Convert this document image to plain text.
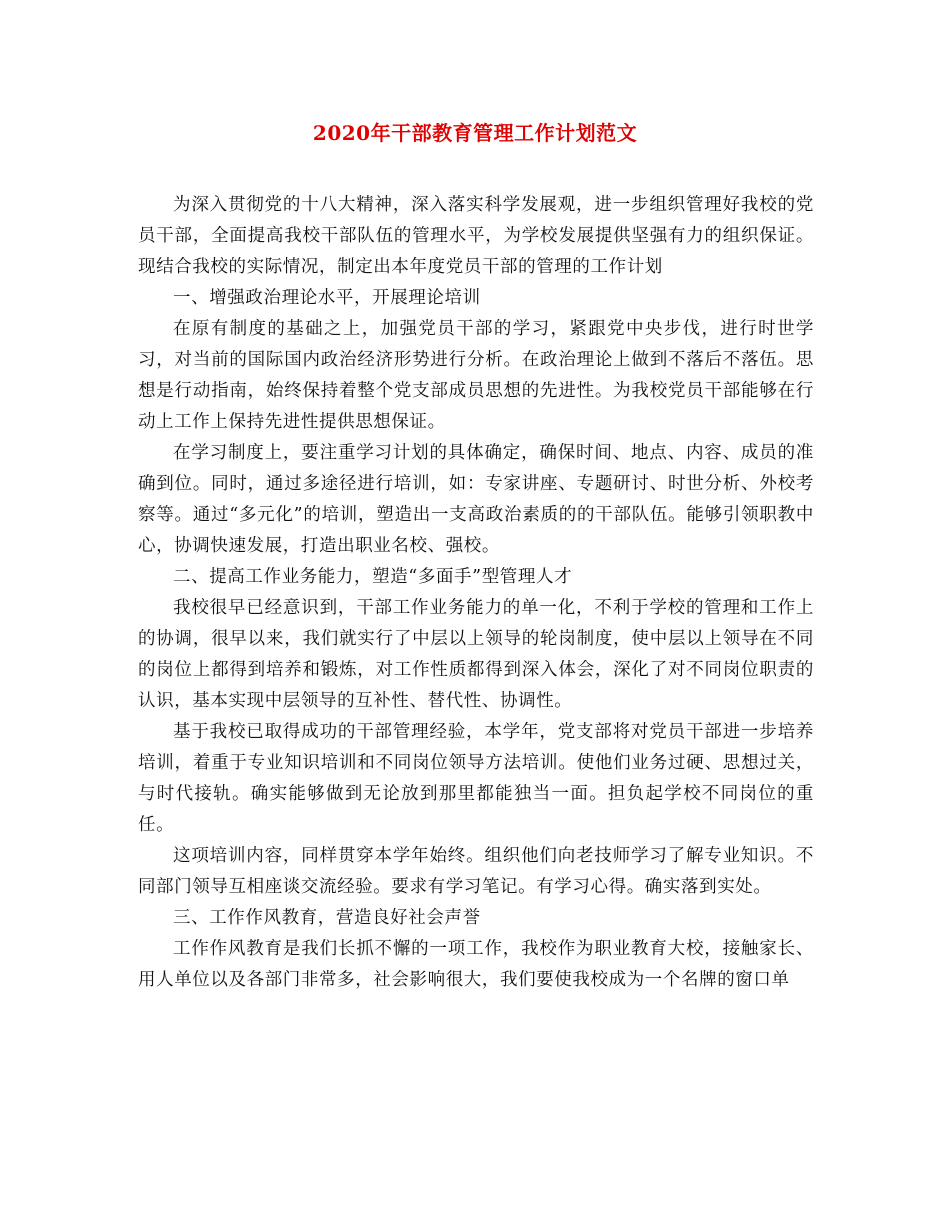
2020年干部教育管理工作计划范文

为深入贯彻党的十八大精神，深入落实科学发展观，进一步组织管理好我校的党员干部，全面提高我校干部队伍的管理水平，为学校发展提供坚强有力的组织保证。现结合我校的实际情况，制定出本年度党员干部的管理的工作计划

一、增强政治理论水平，开展理论培训

在原有制度的基础之上，加强党员干部的学习，紧跟党中央步伐，进行时世学习，对当前的国际国内政治经济形势进行分析。在政治理论上做到不落后不落伍。思想是行动指南，始终保持着整个党支部成员思想的先进性。为我校党员干部能够在行动上工作上保持先进性提供思想保证。

在学习制度上，要注重学习计划的具体确定，确保时间、地点、内容、成员的准确到位。同时，通过多途径进行培训，如：专家讲座、专题研讨、时世分析、外校考察等。通过“多元化”的培训，塑造出一支高政治素质的的干部队伍。能够引领职教中心，协调快速发展，打造出职业名校、强校。

二、提高工作业务能力，塑造“多面手”型管理人才

我校很早已经意识到，干部工作业务能力的单一化，不利于学校的管理和工作上的协调，很早以来，我们就实行了中层以上领导的轮岗制度，使中层以上领导在不同的岗位上都得到培养和锻炼，对工作性质都得到深入体会，深化了对不同岗位职责的认识，基本实现中层领导的互补性、替代性、协调性。

基于我校已取得成功的干部管理经验，本学年，党支部将对党员干部进一步培养培训，着重于专业知识培训和不同岗位领导方法培训。使他们业务过硬、思想过关，与时代接轨。确实能够做到无论放到那里都能独当一面。担负起学校不同岗位的重任。

这项培训内容，同样贯穿本学年始终。组织他们向老技师学习了解专业知识。不同部门领导互相座谈交流经验。要求有学习笔记。有学习心得。确实落到实处。

三、工作作风教育，营造良好社会声誉

工作作风教育是我们长抓不懈的一项工作，我校作为职业教育大校，接触家长、用人单位以及各部门非常多，社会影响很大，我们要使我校成为一个名牌的窗口单
